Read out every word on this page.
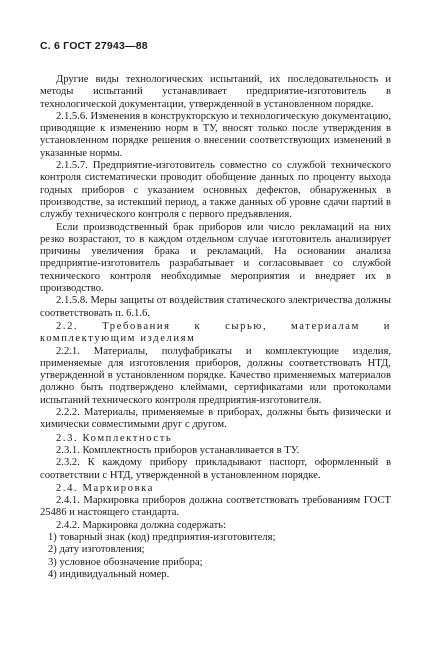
С. 6 ГОСТ 27943—88

Другие виды технологических испытаний, их последовательность и методы испытаний устанавливает предприятие-изготовитель в технологической документации, утвержденной в установленном порядке.

2.1.5.6. Изменения в конструкторскую и технологическую документацию, приводящие к изменению норм в ТУ, вносят только после утверждения в установленном порядке решения о внесении соответствующих изменений в указанные нормы.

2.1.5.7. Предприятие-изготовитель совместно со службой технического контроля систематически проводит обобщение данных по проценту выхода годных приборов с указанием основных дефектов, обнаруженных в производстве, за истекший период, а также данных об уровне сдачи партий в службу технического контроля с первого предъявления.

Если производственный брак приборов или число рекламаций на них резко возрастают, то в каждом отдельном случае изготовитель анализирует причины увеличения брака и рекламаций. На основании анализа предприятие-изготовитель разрабатывает и согласовывает со службой технического контроля необходимые мероприятия и внедряет их в производство.

2.1.5.8. Меры защиты от воздействия статического электричества должны соответствовать п. 6.1.6.

2.2. Требования к сырью, материалам и комплектующим изделиям

2.2.1. Материалы, полуфабрикаты и комплектующие изделия, применяемые для изготовления приборов, должны соответствовать НТД, утвержденной в установленном порядке. Качество применяемых материалов должно быть подтверждено клеймами, сертификатами или протоколами испытаний технического контроля предприятия-изготовителя.

2.2.2. Материалы, применяемые в приборах, должны быть физически и химически совместимыми друг с другом.

2.3. Комплектность

2.3.1. Комплектность приборов устанавливается в ТУ.

2.3.2. К каждому прибору прикладывают паспорт, оформленный в соответствии с НТД, утвержденной в установленном порядке.

2.4. Маркировка

2.4.1. Маркировка приборов должна соответствовать требованиям ГОСТ 25486 и настоящего стандарта.

2.4.2. Маркировка должна содержать:

1) товарный знак (код) предприятия-изготовителя;

2) дату изготовления;

3) условное обозначение прибора;

4) индивидуальный номер.
